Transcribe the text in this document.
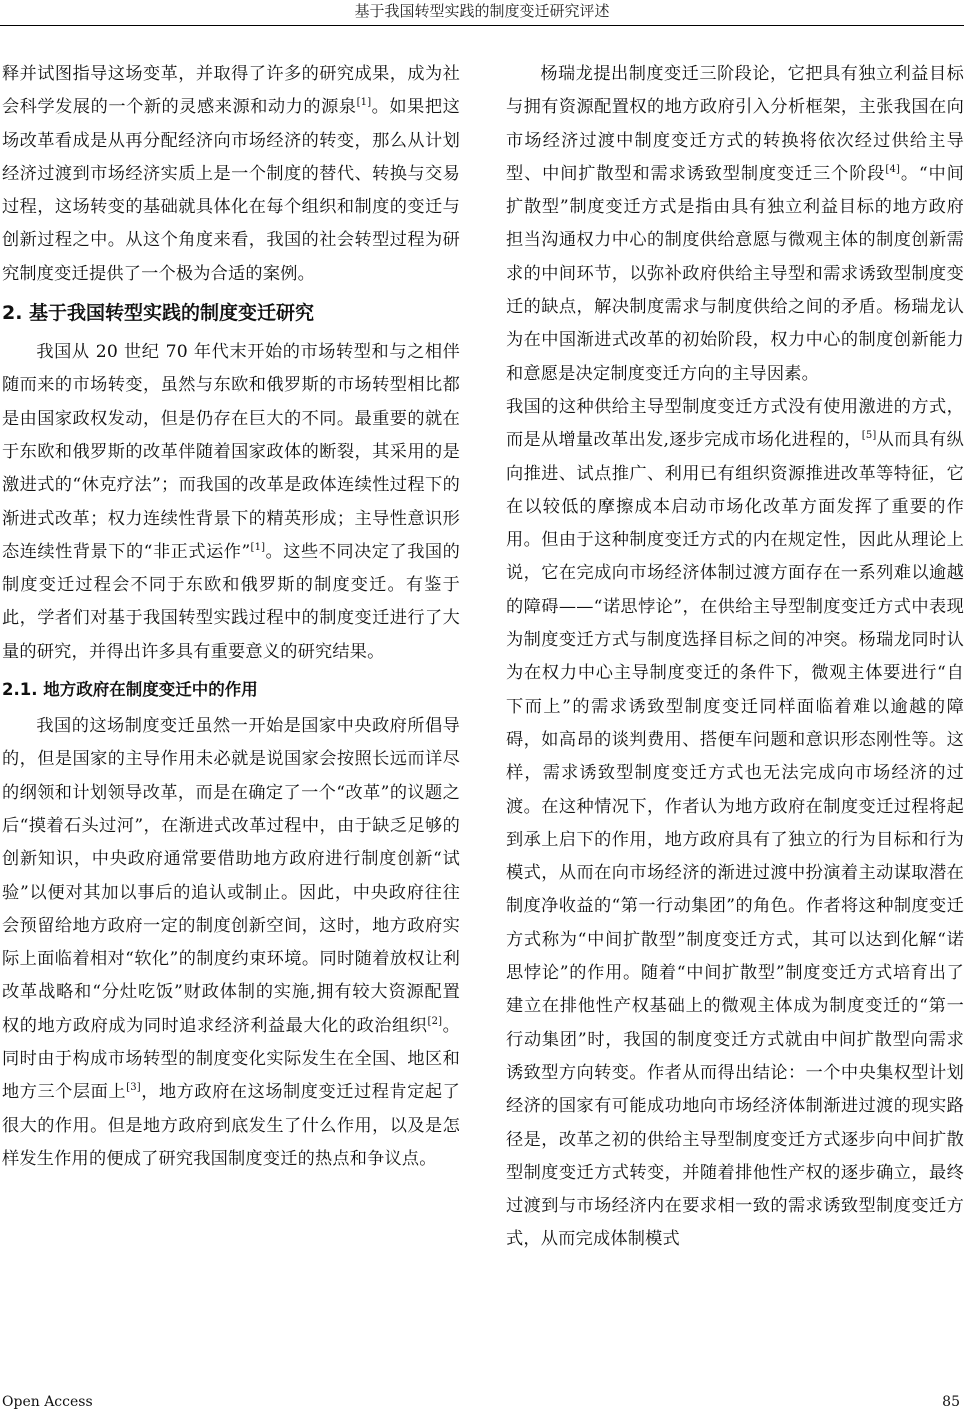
基于我国转型实践的制度变迁研究评述

释并试图指导这场变革，并取得了许多的研究成果，成为社会科学发展的一个新的灵感来源和动力的源泉[1]。如果把这场改革看成是从再分配经济向市场经济的转变，那么从计划经济过渡到市场经济实质上是一个制度的替代、转换与交易过程，这场转变的基础就具体化在每个组织和制度的变迁与创新过程之中。从这个角度来看，我国的社会转型过程为研究制度变迁提供了一个极为合适的案例。

2. 基于我国转型实践的制度变迁研究

我国从 20 世纪 70 年代末开始的市场转型和与之相伴随而来的市场转变，虽然与东欧和俄罗斯的市场转型相比都是由国家政权发动，但是仍存在巨大的不同。最重要的就在于东欧和俄罗斯的改革伴随着国家政体的断裂，其采用的是激进式的“休克疗法”；而我国的改革是政体连续性过程下的渐进式改革；权力连续性背景下的精英形成；主导性意识形态连续性背景下的“非正式运作”[1]。这些不同决定了我国的制度变迁过程会不同于东欧和俄罗斯的制度变迁。有鉴于此，学者们对基于我国转型实践过程中的制度变迁进行了大量的研究，并得出许多具有重要意义的研究结果。

2.1. 地方政府在制度变迁中的作用

我国的这场制度变迁虽然一开始是国家中央政府所倡导的，但是国家的主导作用未必就是说国家会按照长远而详尽的纲领和计划领导改革，而是在确定了一个“改革”的议题之后“摸着石头过河”，在渐进式改革过程中，由于缺乏足够的创新知识，中央政府通常要借助地方政府进行制度创新“试验”以便对其加以事后的追认或制止。因此，中央政府往往会预留给地方政府一定的制度创新空间，这时，地方政府实际上面临着相对“软化”的制度约束环境。同时随着放权让利改革战略和“分灶吃饭”财政体制的实施,拥有较大资源配置权的地方政府成为同时追求经济利益最大化的政治组织[2]。同时由于构成市场转型的制度变化实际发生在全国、地区和地方三个层面上[3]，地方政府在这场制度变迁过程肯定起了很大的作用。但是地方政府到底发生了什么作用，以及是怎样发生作用的便成了研究我国制度变迁的热点和争议点。

杨瑞龙提出制度变迁三阶段论，它把具有独立利益目标与拥有资源配置权的地方政府引入分析框架，主张我国在向市场经济过渡中制度变迁方式的转换将依次经过供给主导型、中间扩散型和需求诱致型制度变迁三个阶段[4]。“中间扩散型”制度变迁方式是指由具有独立利益目标的地方政府担当沟通权力中心的制度供给意愿与微观主体的制度创新需求的中间环节，以弥补政府供给主导型和需求诱致型制度变迁的缺点，解决制度需求与制度供给之间的矛盾。杨瑞龙认为在中国渐进式改革的初始阶段，权力中心的制度创新能力和意愿是决定制度变迁方向的主导因素。

我国的这种供给主导型制度变迁方式没有使用激进的方式，而是从增量改革出发,逐步完成市场化进程的，[5]从而具有纵向推进、试点推广、利用已有组织资源推进改革等特征，它在以较低的摩擦成本启动市场化改革方面发挥了重要的作用。但由于这种制度变迁方式的内在规定性，因此从理论上说，它在完成向市场经济体制过渡方面存在一系列难以逾越的障碍——“诺思悖论”，在供给主导型制度变迁方式中表现为制度变迁方式与制度选择目标之间的冲突。杨瑞龙同时认为在权力中心主导制度变迁的条件下，微观主体要进行“自下而上”的需求诱致型制度变迁同样面临着难以逾越的障碍，如高昂的谈判费用、搭便车问题和意识形态刚性等。这样，需求诱致型制度变迁方式也无法完成向市场经济的过渡。在这种情况下，作者认为地方政府在制度变迁过程将起到承上启下的作用，地方政府具有了独立的行为目标和行为模式，从而在向市场经济的渐进过渡中扮演着主动谋取潜在制度净收益的“第一行动集团”的角色。作者将这种制度变迁方式称为“中间扩散型”制度变迁方式，其可以达到化解“诺思悖论”的作用。随着“中间扩散型”制度变迁方式培育出了建立在排他性产权基础上的微观主体成为制度变迁的“第一行动集团”时，我国的制度变迁方式就由中间扩散型向需求诱致型方向转变。作者从而得出结论：一个中央集权型计划经济的国家有可能成功地向市场经济体制渐进过渡的现实路径是，改革之初的供给主导型制度变迁方式逐步向中间扩散型制度变迁方式转变，并随着排他性产权的逐步确立，最终过渡到与市场经济内在要求相一致的需求诱致型制度变迁方式，从而完成体制模式

Open Access	85
